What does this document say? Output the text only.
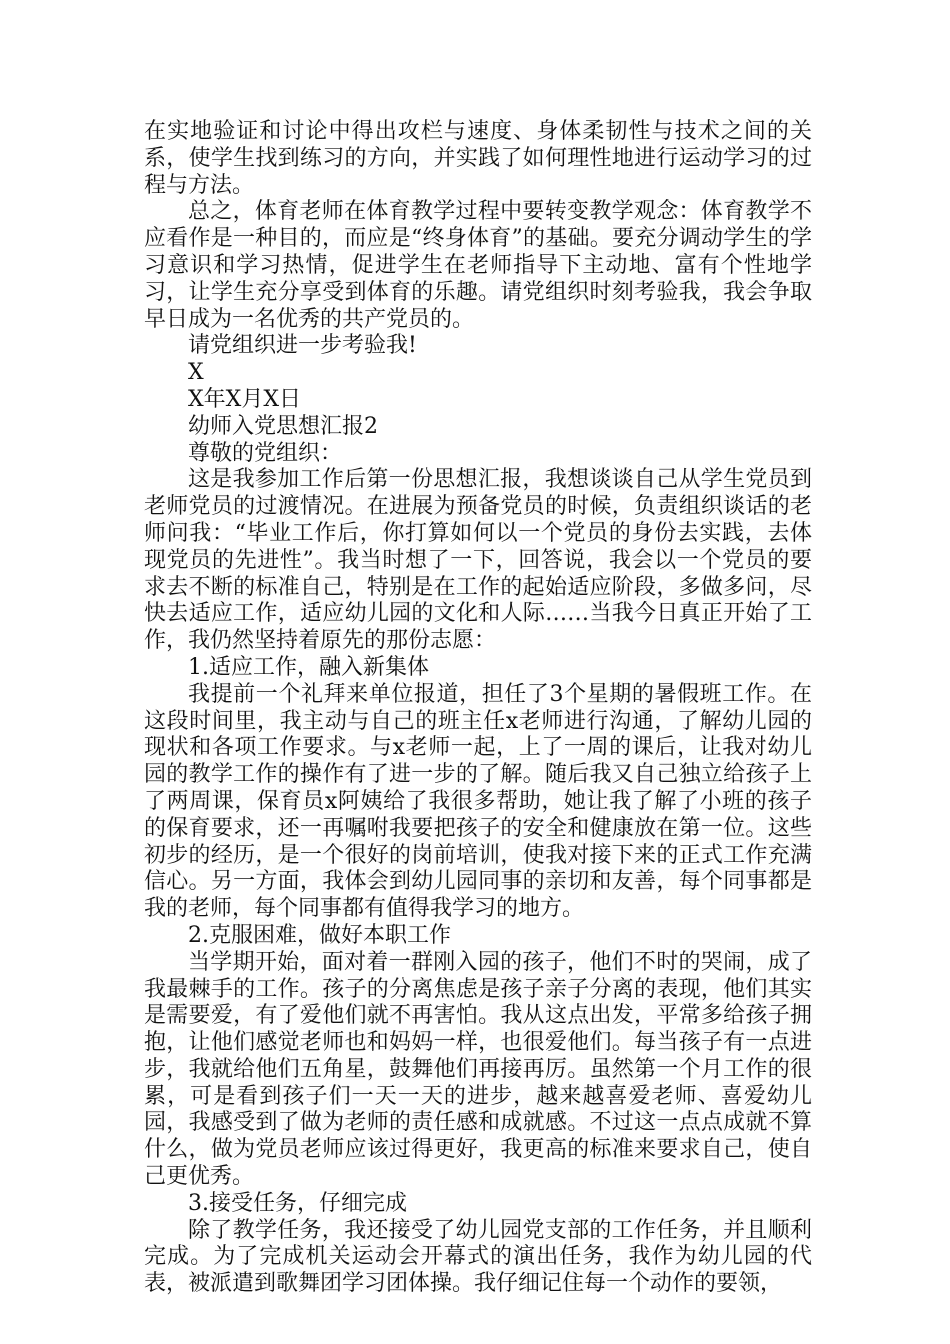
在实地验证和讨论中得出攻栏与速度、身体柔韧性与技术之间的关系，使学生找到练习的方向，并实践了如何理性地进行运动学习的过程与方法。

总之，体育老师在体育教学过程中要转变教学观念：体育教学不应看作是一种目的，而应是“终身体育”的基础。要充分调动学生的学习意识和学习热情，促进学生在老师指导下主动地、富有个性地学习，让学生充分享受到体育的乐趣。请党组织时刻考验我，我会争取早日成为一名优秀的共产党员的。

请党组织进一步考验我!

X

X年X月X日

幼师入党思想汇报2

尊敬的党组织：

这是我参加工作后第一份思想汇报，我想谈谈自己从学生党员到老师党员的过渡情况。在进展为预备党员的时候，负责组织谈话的老师问我：“毕业工作后，你打算如何以一个党员的身份去实践，去体现党员的先进性”。我当时想了一下，回答说，我会以一个党员的要求去不断的标准自己，特别是在工作的起始适应阶段，多做多问，尽快去适应工作，适应幼儿园的文化和人际……当我今日真正开始了工作，我仍然坚持着原先的那份志愿：

1.适应工作，融入新集体

我提前一个礼拜来单位报道，担任了3个星期的暑假班工作。在这段时间里，我主动与自己的班主任x老师进行沟通，了解幼儿园的现状和各项工作要求。与x老师一起，上了一周的课后，让我对幼儿园的教学工作的操作有了进一步的了解。随后我又自己独立给孩子上了两周课，保育员x阿姨给了我很多帮助，她让我了解了小班的孩子的保育要求，还一再嘱咐我要把孩子的安全和健康放在第一位。这些初步的经历，是一个很好的岗前培训，使我对接下来的正式工作充满信心。另一方面，我体会到幼儿园同事的亲切和友善，每个同事都是我的老师，每个同事都有值得我学习的地方。

2.克服困难，做好本职工作

当学期开始，面对着一群刚入园的孩子，他们不时的哭闹，成了我最棘手的工作。孩子的分离焦虑是孩子亲子分离的表现，他们其实是需要爱，有了爱他们就不再害怕。我从这点出发，平常多给孩子拥抱，让他们感觉老师也和妈妈一样，也很爱他们。每当孩子有一点进步，我就给他们五角星，鼓舞他们再接再厉。虽然第一个月工作的很累，可是看到孩子们一天一天的进步，越来越喜爱老师、喜爱幼儿园，我感受到了做为老师的责任感和成就感。不过这一点点成就不算什么，做为党员老师应该过得更好，我更高的标准来要求自己，使自己更优秀。

3.接受任务，仔细完成

除了教学任务，我还接受了幼儿园党支部的工作任务，并且顺利完成。为了完成机关运动会开幕式的演出任务，我作为幼儿园的代表，被派遣到歌舞团学习团体操。我仔细记住每一个动作的要领，
